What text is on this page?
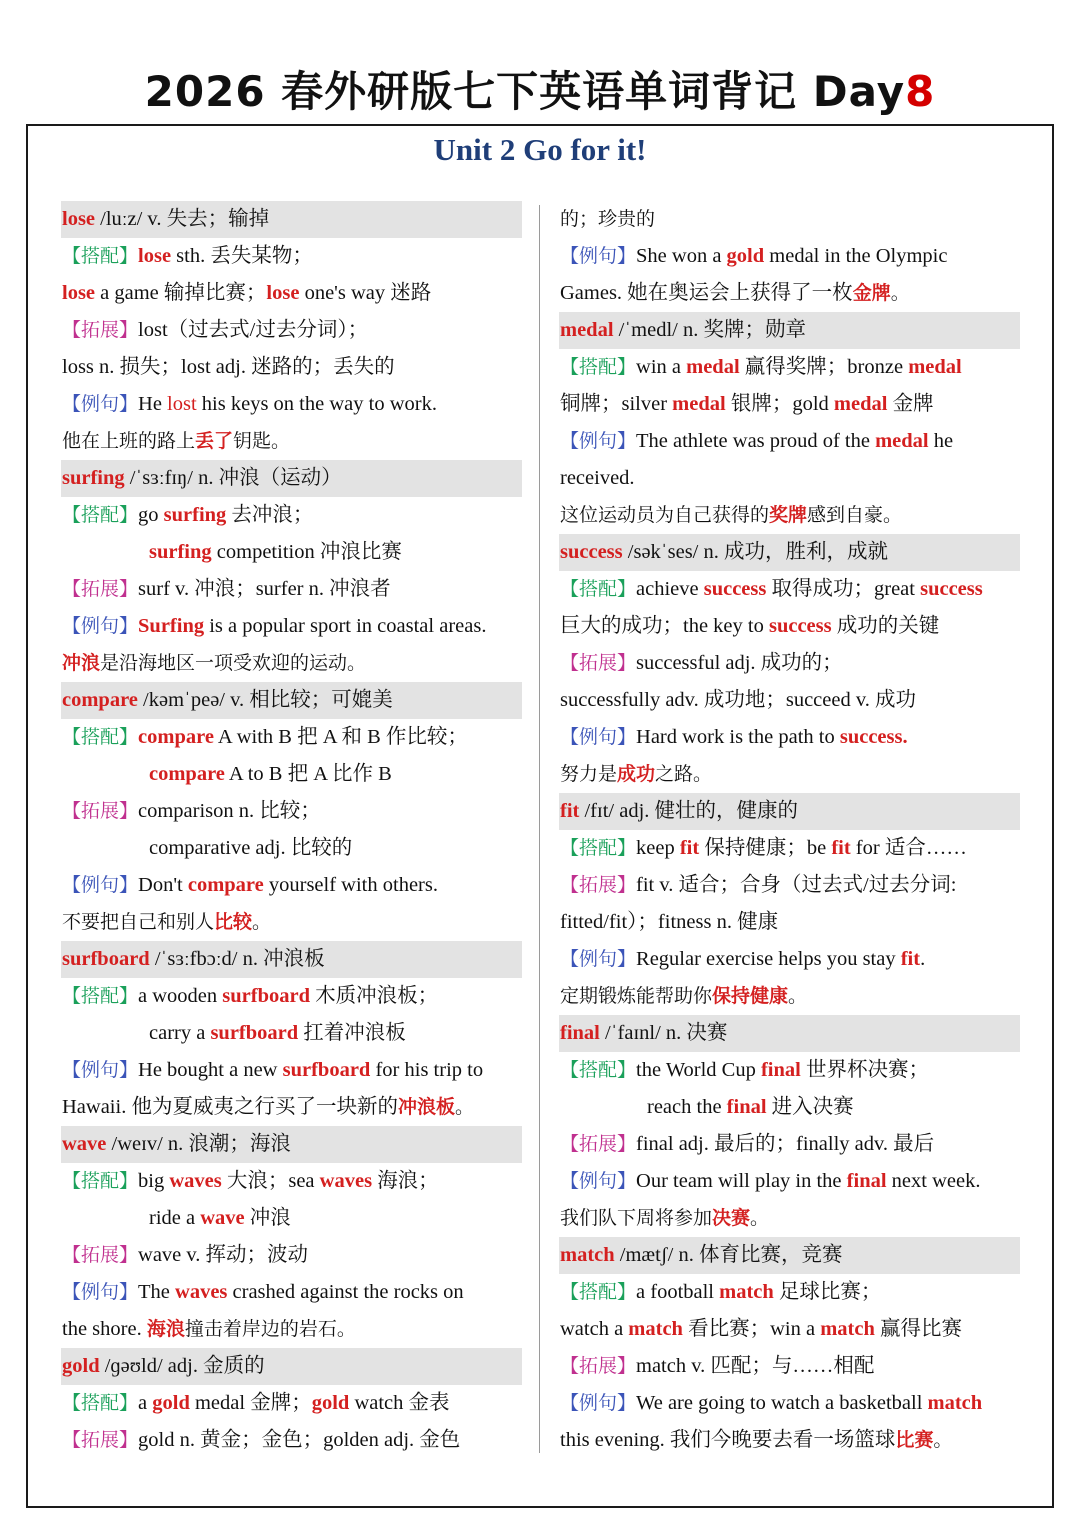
2026 春外研版七下英语单词背记 Day8
Unit 2 Go for it!
lose /luːz/ v. 失去；输掉
【搭配】lose sth. 丢失某物；
lose a game 输掉比赛；lose one's way 迷路
【拓展】lost（过去式/过去分词）；
loss n. 损失；lost adj. 迷路的；丢失的
【例句】He lost his keys on the way to work.
他在上班的路上丢了钥匙。
surfing /ˈsɜːfɪŋ/ n. 冲浪（运动）
【搭配】go surfing 去冲浪；
surfing competition 冲浪比赛
【拓展】surf v. 冲浪；surfer n. 冲浪者
【例句】Surfing is a popular sport in coastal areas.
冲浪是沿海地区一项受欢迎的运动。
compare /kəmˈpeə/ v. 相比较；可媲美
【搭配】compare A with B 把 A 和 B 作比较；
compare A to B 把 A 比作 B
【拓展】comparison n. 比较；
comparative adj. 比较的
【例句】Don't compare yourself with others.
不要把自己和别人比较。
surfboard /ˈsɜːfbɔːd/ n. 冲浪板
【搭配】a wooden surfboard 木质冲浪板；
carry a surfboard 扛着冲浪板
【例句】He bought a new surfboard for his trip to
Hawaii. 他为夏威夷之行买了一块新的冲浪板。
wave /weɪv/ n. 浪潮；海浪
【搭配】big waves 大浪；sea waves 海浪；
ride a wave 冲浪
【拓展】wave v. 挥动；波动
【例句】The waves crashed against the rocks on
the shore. 海浪撞击着岸边的岩石。
gold /ɡəʊld/ adj. 金质的
【搭配】a gold medal 金牌；gold watch 金表
【拓展】gold n. 黄金；金色；golden adj. 金色
的；珍贵的
【例句】She won a gold medal in the Olympic
Games. 她在奥运会上获得了一枚金牌。
medal /ˈmedl/ n. 奖牌；勋章
【搭配】win a medal 赢得奖牌；bronze medal
铜牌；silver medal 银牌；gold medal 金牌
【例句】The athlete was proud of the medal he
received.
这位运动员为自己获得的奖牌感到自豪。
success /səkˈses/ n. 成功，胜利，成就
【搭配】achieve success 取得成功；great success
巨大的成功；the key to success 成功的关键
【拓展】successful adj. 成功的；
successfully adv. 成功地；succeed v. 成功
【例句】Hard work is the path to success.
努力是成功之路。
fit /fɪt/ adj. 健壮的，健康的
【搭配】keep fit 保持健康；be fit for 适合……
【拓展】fit v. 适合；合身（过去式/过去分词:
fitted/fit）；fitness n. 健康
【例句】Regular exercise helps you stay fit.
定期锻炼能帮助你保持健康。
final /ˈfaɪnl/ n. 决赛
【搭配】the World Cup final 世界杯决赛；
reach the final 进入决赛
【拓展】final adj. 最后的；finally adv. 最后
【例句】Our team will play in the final next week.
我们队下周将参加决赛。
match /mætʃ/ n. 体育比赛，竞赛
【搭配】a football match 足球比赛；
watch a match 看比赛；win a match 赢得比赛
【拓展】match v. 匹配；与……相配
【例句】We are going to watch a basketball match
this evening. 我们今晚要去看一场篮球比赛。
